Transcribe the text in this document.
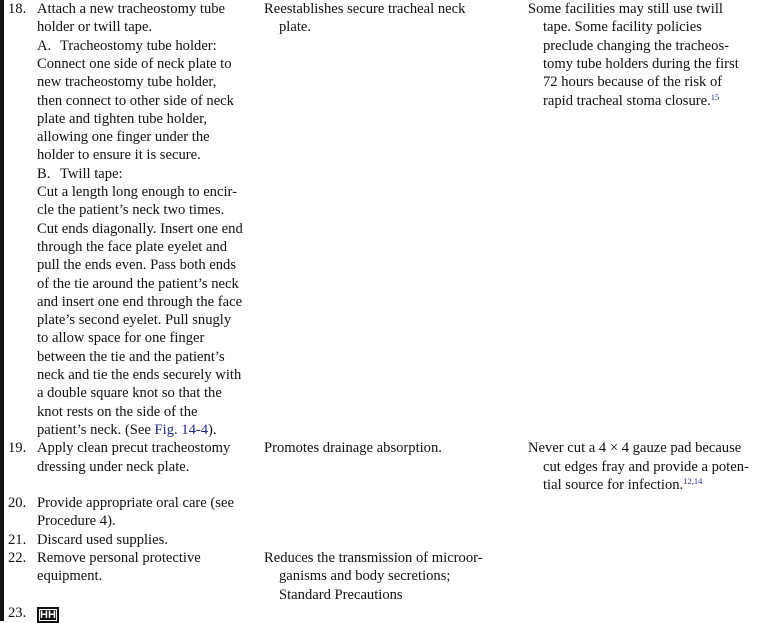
18. Attach a new tracheostomy tube
holder or twill tape.
A. Tracheostomy tube holder:
Connect one side of neck plate to
new tracheostomy tube holder,
then connect to other side of neck
plate and tighten tube holder,
allowing one finger under the
holder to ensure it is secure.
B. Twill tape:
Cut a length long enough to encir-
cle the patient’s neck two times.
Cut ends diagonally. Insert one end
through the face plate eyelet and
pull the ends even. Pass both ends
of the tie around the patient’s neck
and insert one end through the face
plate’s second eyelet. Pull snugly
to allow space for one finger
between the tie and the patient’s
neck and tie the ends securely with
a double square knot so that the
knot rests on the side of the
patient’s neck. (See Fig. 14-4).
Reestablishes secure tracheal neck
plate.
Some facilities may still use twill
tape. Some facility policies
preclude changing the tracheos-
tomy tube holders during the first
72 hours because of the risk of
rapid tracheal stoma closure.$^{15}$
19. Apply clean precut tracheostomy
dressing under neck plate.
Promotes drainage absorption.	Never cut a 4 × 4 gauze pad because
cut edges fray and provide a poten-
tial source for infection.$^{12,14}$
20. Provide appropriate oral care (see
Procedure 4).
21. Discard used supplies.
22. Remove personal protective
equipment.
Reduces the transmission of microor-
ganisms and body secretions;
Standard Precautions
23. HH
